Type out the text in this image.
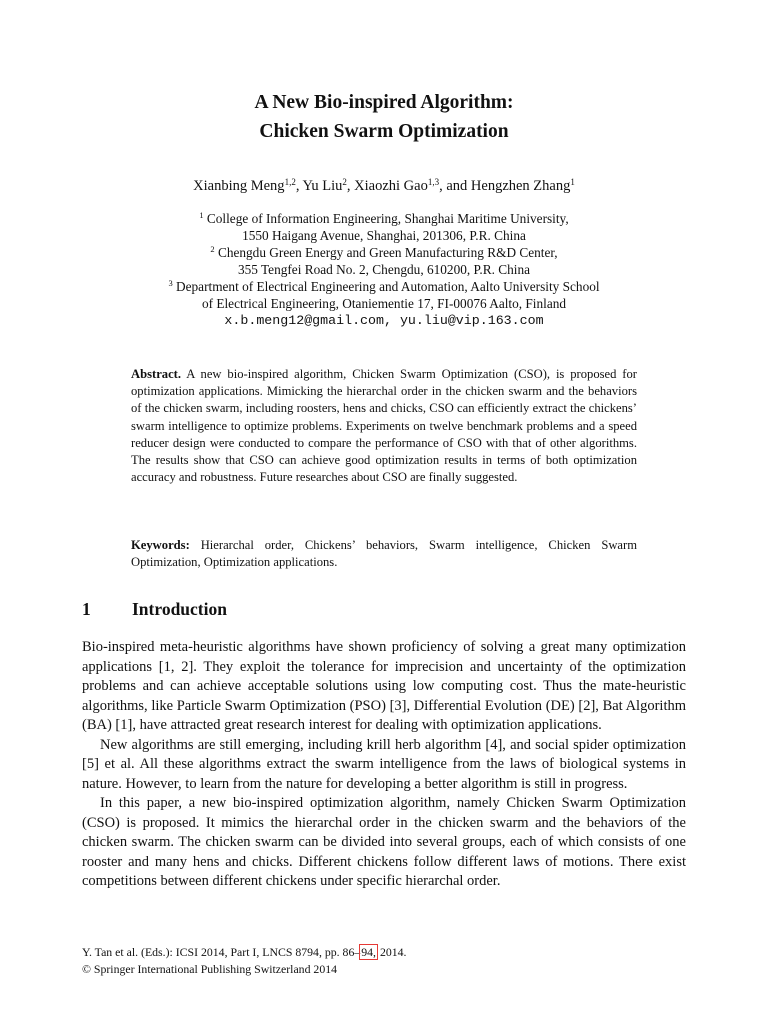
A New Bio-inspired Algorithm:
Chicken Swarm Optimization
Xianbing Meng$^{1,2}$, Yu Liu$^2$, Xiaozhi Gao$^{1,3}$, and Hengzhen Zhang$^1$
$^1$ College of Information Engineering, Shanghai Maritime University,
1550 Haigang Avenue, Shanghai, 201306, P.R. China
$^2$ Chengdu Green Energy and Green Manufacturing R&D Center,
355 Tengfei Road No. 2, Chengdu, 610200, P.R. China
$^3$ Department of Electrical Engineering and Automation, Aalto University School
of Electrical Engineering, Otaniementie 17, FI-00076 Aalto, Finland
x.b.meng12@gmail.com, yu.liu@vip.163.com
Abstract. A new bio-inspired algorithm, Chicken Swarm Optimization (CSO), is proposed for optimization applications. Mimicking the hierarchal order in the chicken swarm and the behaviors of the chicken swarm, including roosters, hens and chicks, CSO can efficiently extract the chickens’ swarm intelligence to optimize problems. Experiments on twelve benchmark problems and a speed reducer design were conducted to compare the performance of CSO with that of other algorithms. The results show that CSO can achieve good optimization results in terms of both optimization accuracy and robustness. Future researches about CSO are finally suggested.
Keywords: Hierarchal order, Chickens’ behaviors, Swarm intelligence, Chicken Swarm Optimization, Optimization applications.
1 Introduction

Bio-inspired meta-heuristic algorithms have shown proficiency of solving a great many optimization applications [1, 2]. They exploit the tolerance for imprecision and uncertainty of the optimization problems and can achieve acceptable solutions using low computing cost. Thus the mate-heuristic algorithms, like Particle Swarm Optimization (PSO) [3], Differential Evolution (DE) [2], Bat Algorithm (BA) [1], have attracted great research interest for dealing with optimization applications.

New algorithms are still emerging, including krill herb algorithm [4], and social spider optimization [5] et al. All these algorithms extract the swarm intelligence from the laws of biological systems in nature. However, to learn from the nature for developing a better algorithm is still in progress.

In this paper, a new bio-inspired optimization algorithm, namely Chicken Swarm Optimization (CSO) is proposed. It mimics the hierarchal order in the chicken swarm and the behaviors of the chicken swarm. The chicken swarm can be divided into several groups, each of which consists of one rooster and many hens and chicks. Different chickens follow different laws of motions. There exist competitions between different chickens under specific hierarchal order.

Y. Tan et al. (Eds.): ICSI 2014, Part I, LNCS 8794, pp. 86–94, 2014.
© Springer International Publishing Switzerland 2014
